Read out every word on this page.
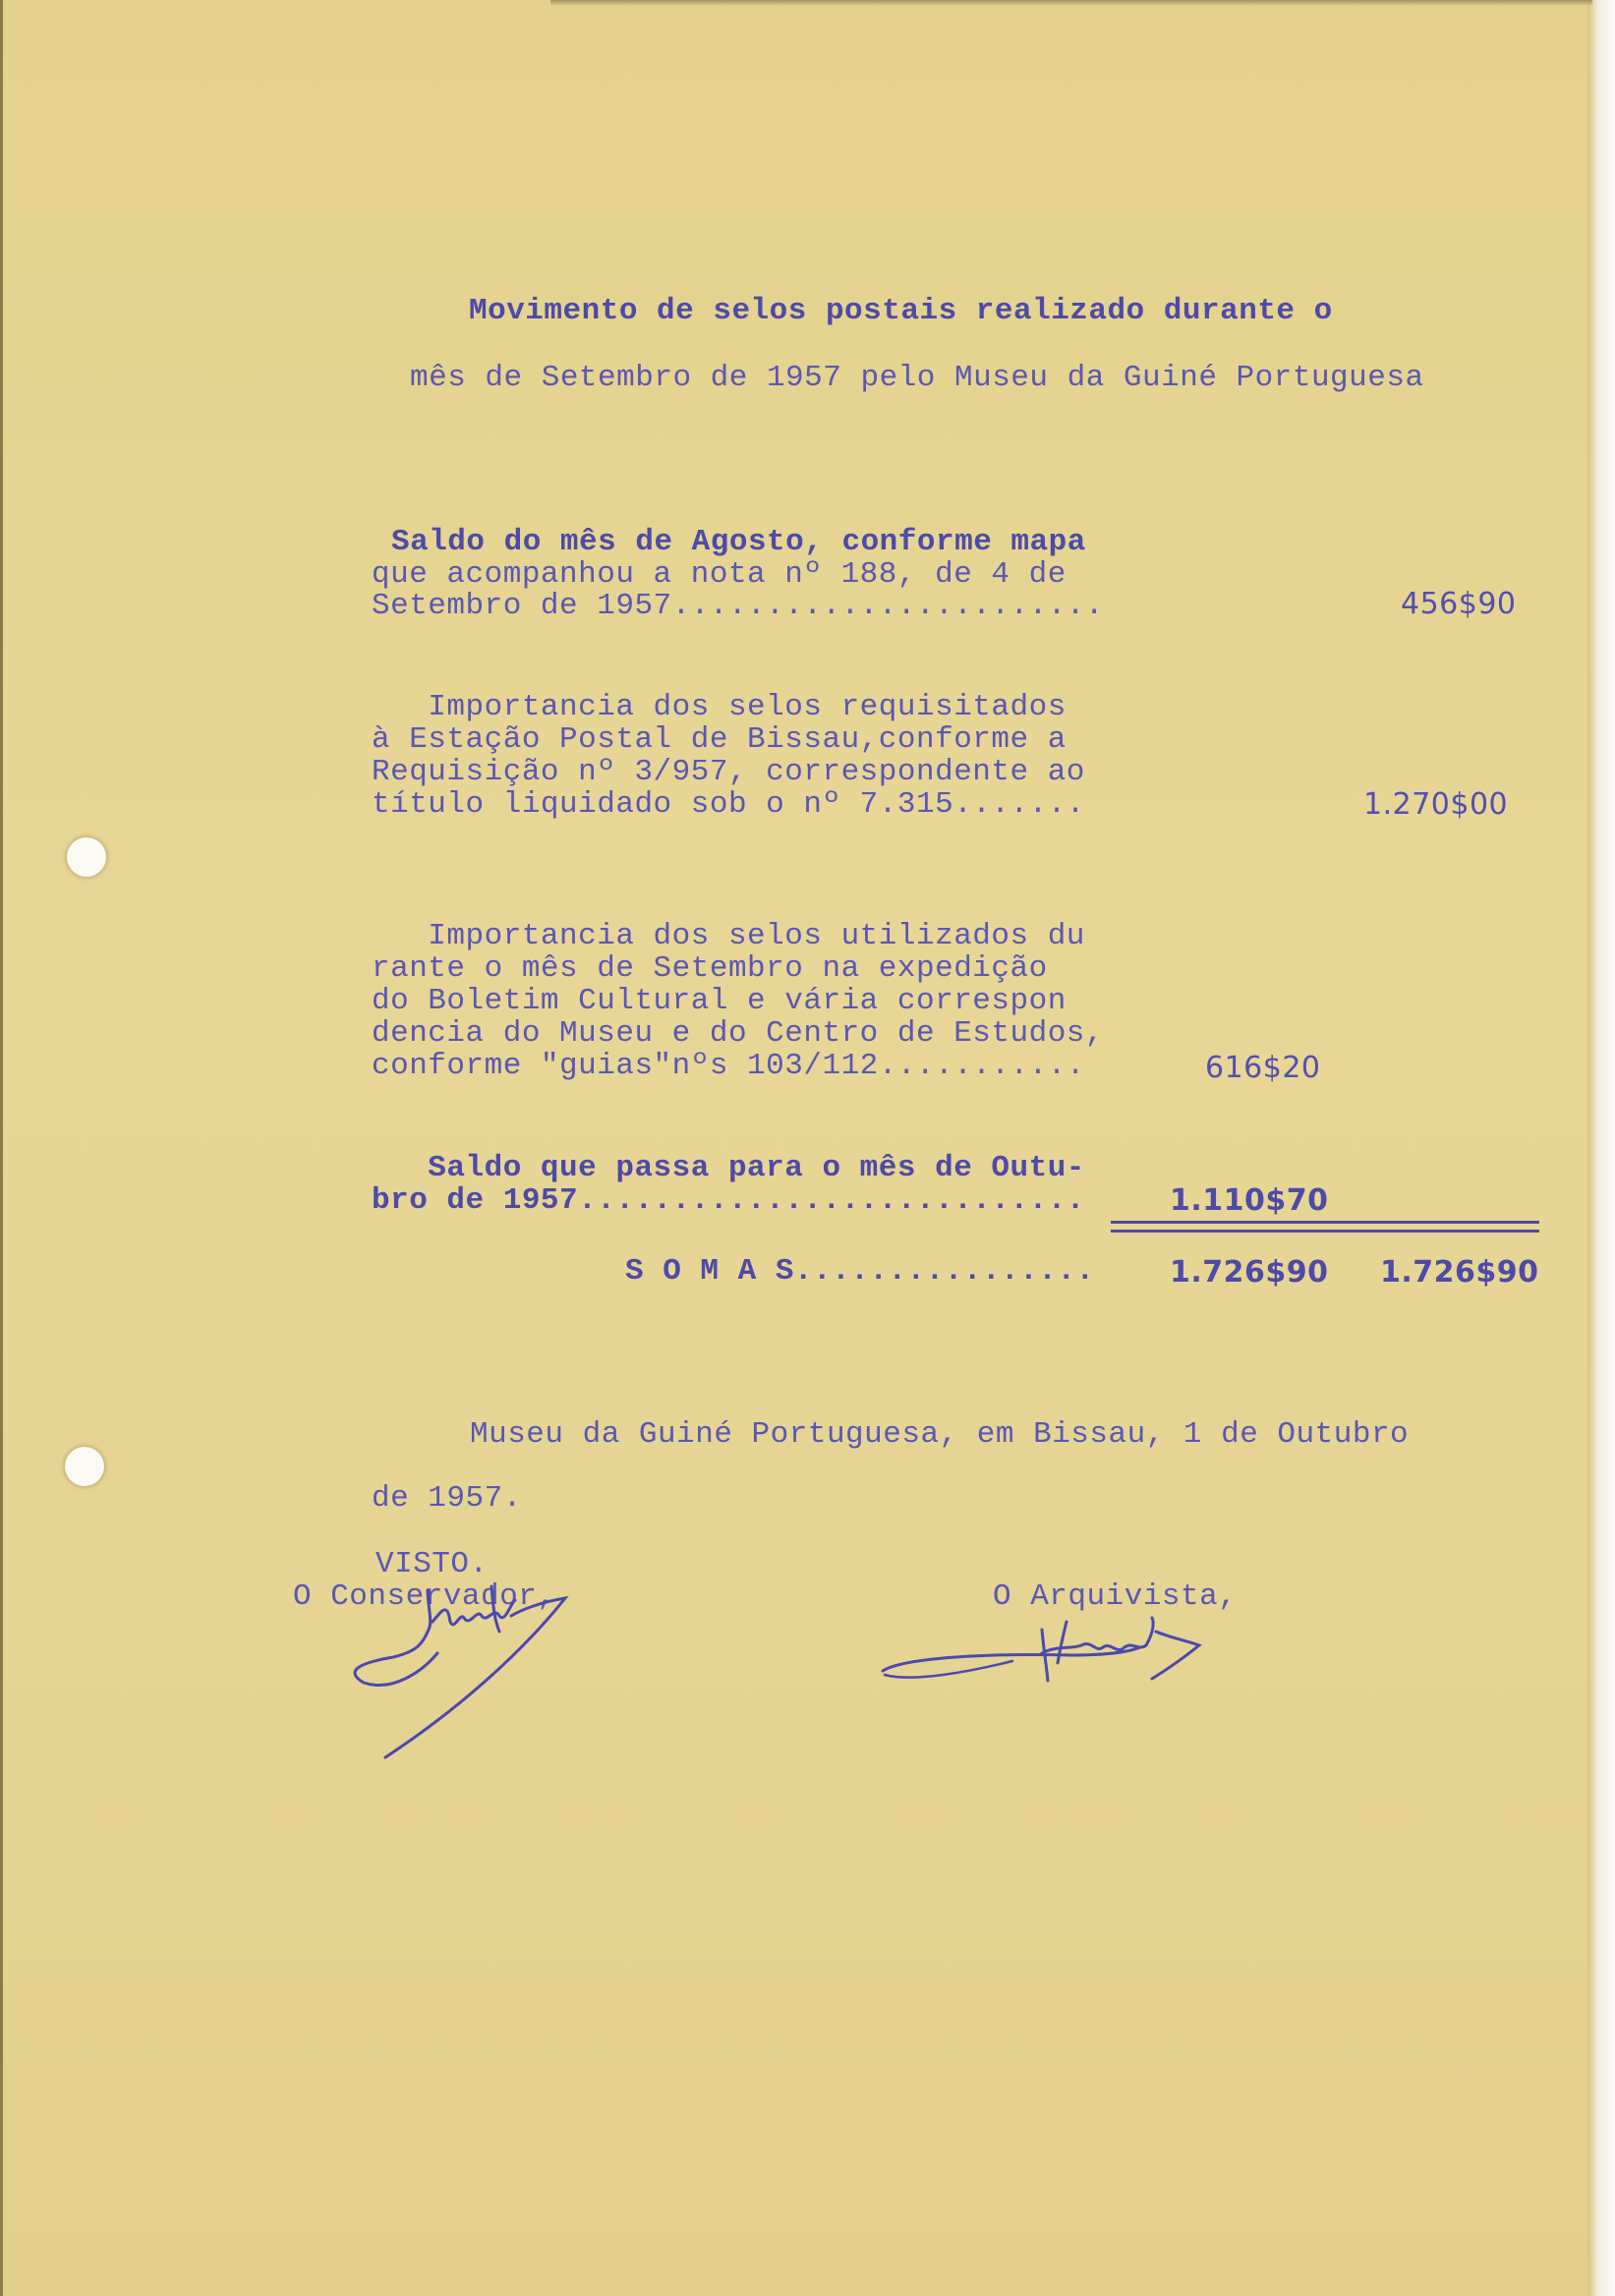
Movimento de selos postais realizado durante o
mês de Setembro de 1957 pelo Museu da Guiné Portuguesa
Saldo do mês de Agosto, conforme mapa
que acompanhou a nota nº 188, de 4 de
Setembro de 1957.......................	456$90
Importancia dos selos requisitados
à Estação Postal de Bissau,conforme a
Requisição nº 3/957, correspondente ao
título liquidado sob o nº 7.315.......	1.270$00
Importancia dos selos utilizados du
rante o mês de Setembro na expedição
do Boletim Cultural e vária correspon
dencia do Museu e do Centro de Estudos,
conforme "guias"nºs 103/112...........	616$20
Saldo que passa para o mês de Outu-
bro de 1957...........................	1.110$70
S O M A S................	1.726$90 1.726$90
Museu da Guiné Portuguesa, em Bissau, 1 de Outubro
de 1957.
VISTO.
O Conservador,	O Arquivista,
